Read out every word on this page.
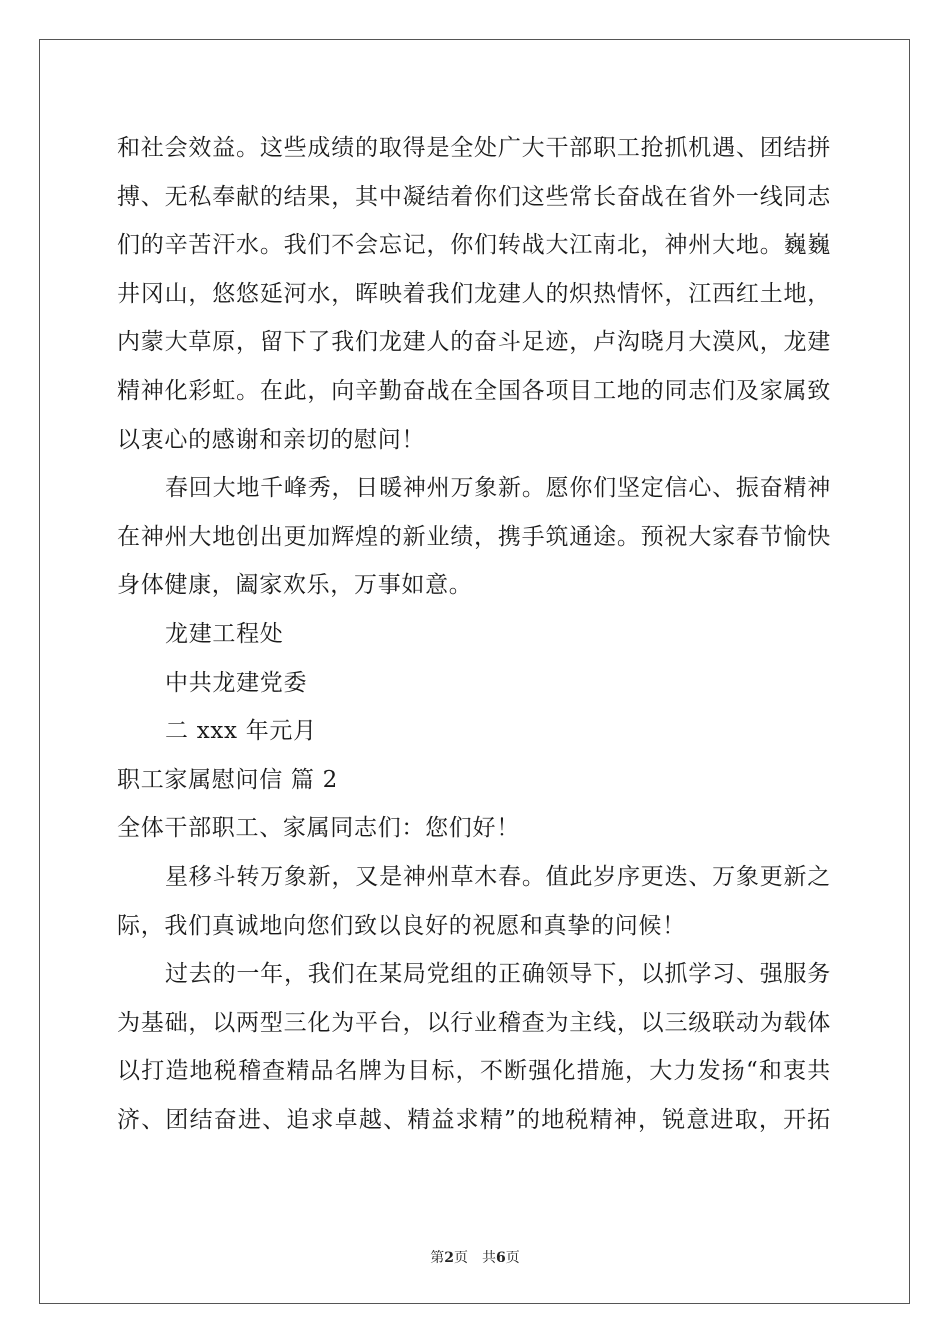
和社会效益。这些成绩的取得是全处广大干部职工抢抓机遇、团结拼
搏、无私奉献的结果，其中凝结着你们这些常长奋战在省外一线同志
们的辛苦汗水。我们不会忘记，你们转战大江南北，神州大地。巍巍
井冈山，悠悠延河水，晖映着我们龙建人的炽热情怀，江西红土地，
内蒙大草原，留下了我们龙建人的奋斗足迹，卢沟晓月大漠风，龙建
精神化彩虹。在此，向辛勤奋战在全国各项目工地的同志们及家属致
以衷心的感谢和亲切的慰问！
春回大地千峰秀，日暖神州万象新。愿你们坚定信心、振奋精神
在神州大地创出更加辉煌的新业绩，携手筑通途。预祝大家春节愉快
身体健康，阖家欢乐，万事如意。
龙建工程处
中共龙建党委
二 xxx 年元月
职工家属慰问信 篇 2
全体干部职工、家属同志们：您们好！
星移斗转万象新，又是神州草木春。值此岁序更迭、万象更新之
际，我们真诚地向您们致以良好的祝愿和真挚的问候！
过去的一年，我们在某局党组的正确领导下，以抓学习、强服务
为基础，以两型三化为平台，以行业稽查为主线，以三级联动为载体
以打造地税稽查精品名牌为目标，不断强化措施，大力发扬“和衷共
济、团结奋进、追求卓越、精益求精”的地税精神，锐意进取，开拓
第2页 共6页
